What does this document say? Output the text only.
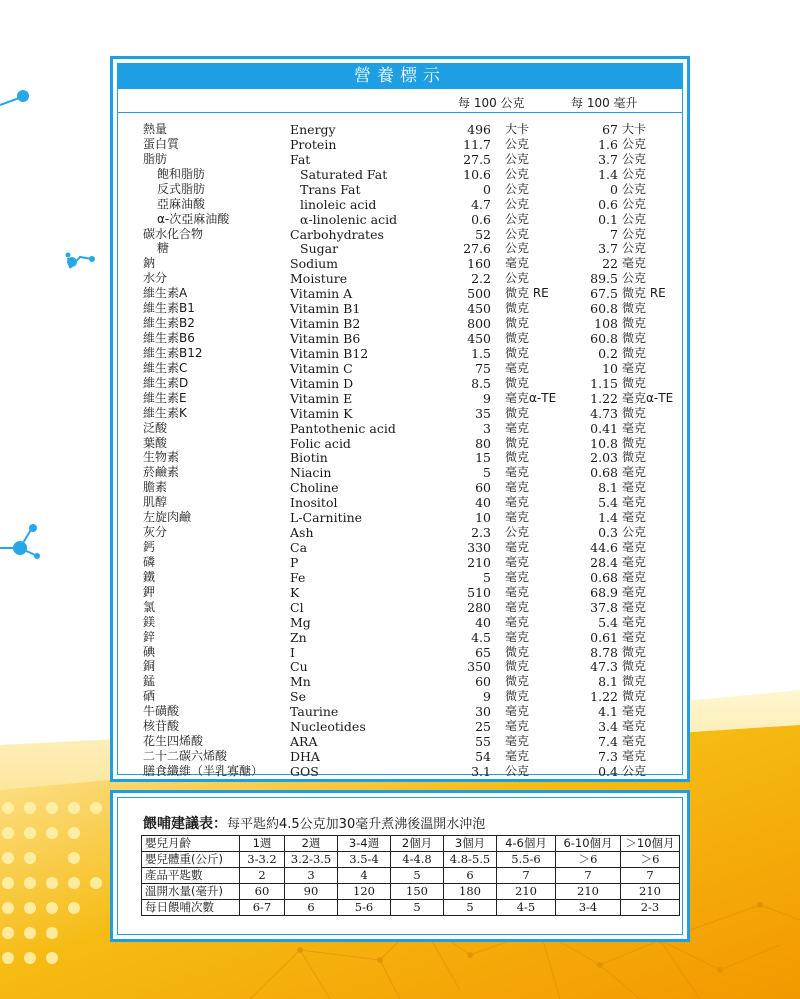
營養標示
每 100 公克	每 100 毫升
熱量	Energy	496 大卡	67 大卡
蛋白質	Protein	11.7 公克	1.6 公克
脂肪	Fat	27.5 公克	3.7 公克
飽和脂肪	Saturated Fat	10.6 公克	1.4 公克
反式脂肪	Trans Fat	0 公克	0 公克
亞麻油酸	linoleic acid	4.7 公克	0.6 公克
α-次亞麻油酸	α-linolenic acid	0.6 公克	0.1 公克
碳水化合物	Carbohydrates	52 公克	7 公克
糖	Sugar	27.6 公克	3.7 公克
鈉	Sodium	160 毫克	22 毫克
水分	Moisture	2.2 公克	89.5 公克
維生素A	Vitamin A	500 微克 RE	67.5 微克 RE
維生素B1	Vitamin B1	450 微克	60.8 微克
維生素B2	Vitamin B2	800 微克	108 微克
維生素B6	Vitamin B6	450 微克	60.8 微克
維生素B12	Vitamin B12	1.5 微克	0.2 微克
維生素C	Vitamin C	75 毫克	10 毫克
維生素D	Vitamin D	8.5 微克	1.15 微克
維生素E	Vitamin E	9 毫克α-TE	1.22 毫克α-TE
維生素K	Vitamin K	35 微克	4.73 微克
泛酸	Pantothenic acid	3 毫克	0.41 毫克
葉酸	Folic acid	80 微克	10.8 微克
生物素	Biotin	15 微克	2.03 微克
菸鹼素	Niacin	5 毫克	0.68 毫克
膽素	Choline	60 毫克	8.1 毫克
肌醇	Inositol	40 毫克	5.4 毫克
左旋肉鹼	L-Carnitine	10 毫克	1.4 毫克
灰分	Ash	2.3 公克	0.3 公克
鈣	Ca	330 毫克	44.6 毫克
磷	P	210 毫克	28.4 毫克
鐵	Fe	5 毫克	0.68 毫克
鉀	K	510 毫克	68.9 毫克
氯	Cl	280 毫克	37.8 毫克
鎂	Mg	40 毫克	5.4 毫克
鋅	Zn	4.5 毫克	0.61 毫克
碘	I	65 微克	8.78 微克
銅	Cu	350 微克	47.3 微克
錳	Mn	60 微克	8.1 微克
硒	Se	9 微克	1.22 微克
牛磺酸	Taurine	30 毫克	4.1 毫克
核苷酸	Nucleotides	25 毫克	3.4 毫克
花生四烯酸	ARA	55 毫克	7.4 毫克
二十二碳六烯酸	DHA	54 毫克	7.3 毫克
膳食纖維（半乳寡醣） GOS	3.1 公克	0.4 公克
餵哺建議表：每平匙約4.5公克加30毫升煮沸後溫開水沖泡
嬰兒月齡	1週	2週	3-4週	2個月	3個月	4-6個月	6-10個月	＞10個月
嬰兒體重(公斤)	3-3.2	3.2-3.5	3.5-4	4-4.8	4.8-5.5	5.5-6	＞6	＞6
產品平匙數	2	3	4	5	6	7	7	7
溫開水量(毫升)	60	90	120	150	180	210	210	210
每日餵哺次數	6-7	6	5-6	5	5	4-5	3-4	2-3
